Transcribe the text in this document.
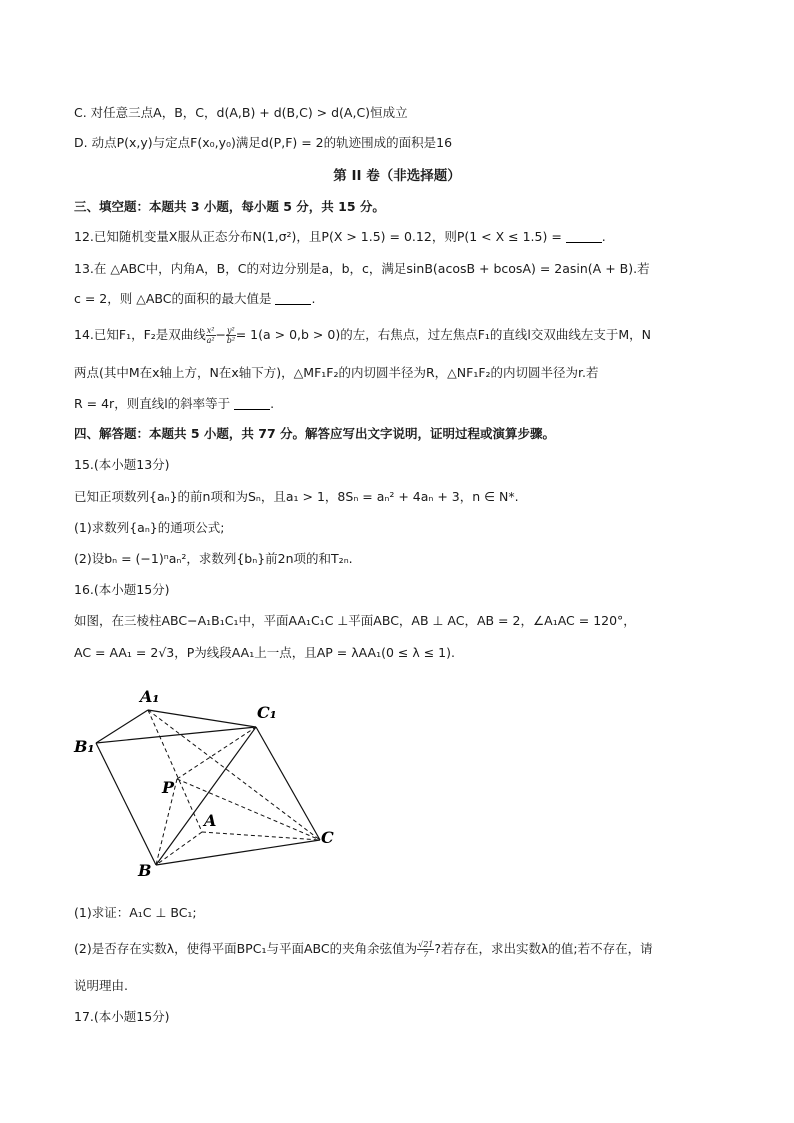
C. 对任意三点A，B，C，d(A,B) + d(B,C) > d(A,C)恒成立
D. 动点P(x,y)与定点F(x₀,y₀)满足d(P,F) = 2的轨迹围成的面积是16
第 II 卷（非选择题）
三、填空题：本题共 3 小题，每小题 5 分，共 15 分。
12.已知随机变量X服从正态分布N(1,σ²)，且P(X > 1.5) = 0.12，则P(1 < X ≤ 1.5) =	.
13.在 △ABC中，内角A，B，C的对边分别是a，b，c，满足sinB(acosB + bcosA) = 2asin(A + B).若
c = 2，则 △ABC的面积的最大值是	.
14.已知F₁，F₂是双曲线 $\frac{\text{x²}}{\text{a²}} - \frac{\text{y²}}{\text{b²}} = 1(a > 0,b > 0)$的左，右焦点，过左焦点F₁的直线l交双曲线左支于M，N
两点(其中M在x轴上方，N在x轴下方)，△MF₁F₂的内切圆半径为R，△NF₁F₂的内切圆半径为r.若
R = 4r，则直线l的斜率等于	.
四、解答题：本题共 5 小题，共 77 分。解答应写出文字说明，证明过程或演算步骤。
15.(本小题13分)
已知正项数列{aₙ}的前n项和为Sₙ，且a₁ > 1，8Sₙ = aₙ² + 4aₙ + 3，n ∈ N*.
(1)求数列{aₙ}的通项公式;
(2)设bₙ = (−1)ⁿaₙ²，求数列{bₙ}前2n项的和T₂ₙ.
16.(本小题15分)
如图，在三棱柱ABC−A₁B₁C₁中，平面AA₁C₁C ⊥平面ABC，AB ⊥ AC，AB = 2，∠A₁AC = 120°，
AC = AA₁ = 2√3，P为线段AA₁上一点，且AP = λAA₁(0 ≤ λ ≤ 1).
A₁
C₁
B₁
P
A
C
B
(1)求证：A₁C ⊥ BC₁;
(2)是否存在实数λ，使得平面BPC₁与平面ABC的夹角余弦值为 $\frac{√21}{7}$ ?若存在，求出实数λ的值;若不存在，请
说明理由.
17.(本小题15分)
